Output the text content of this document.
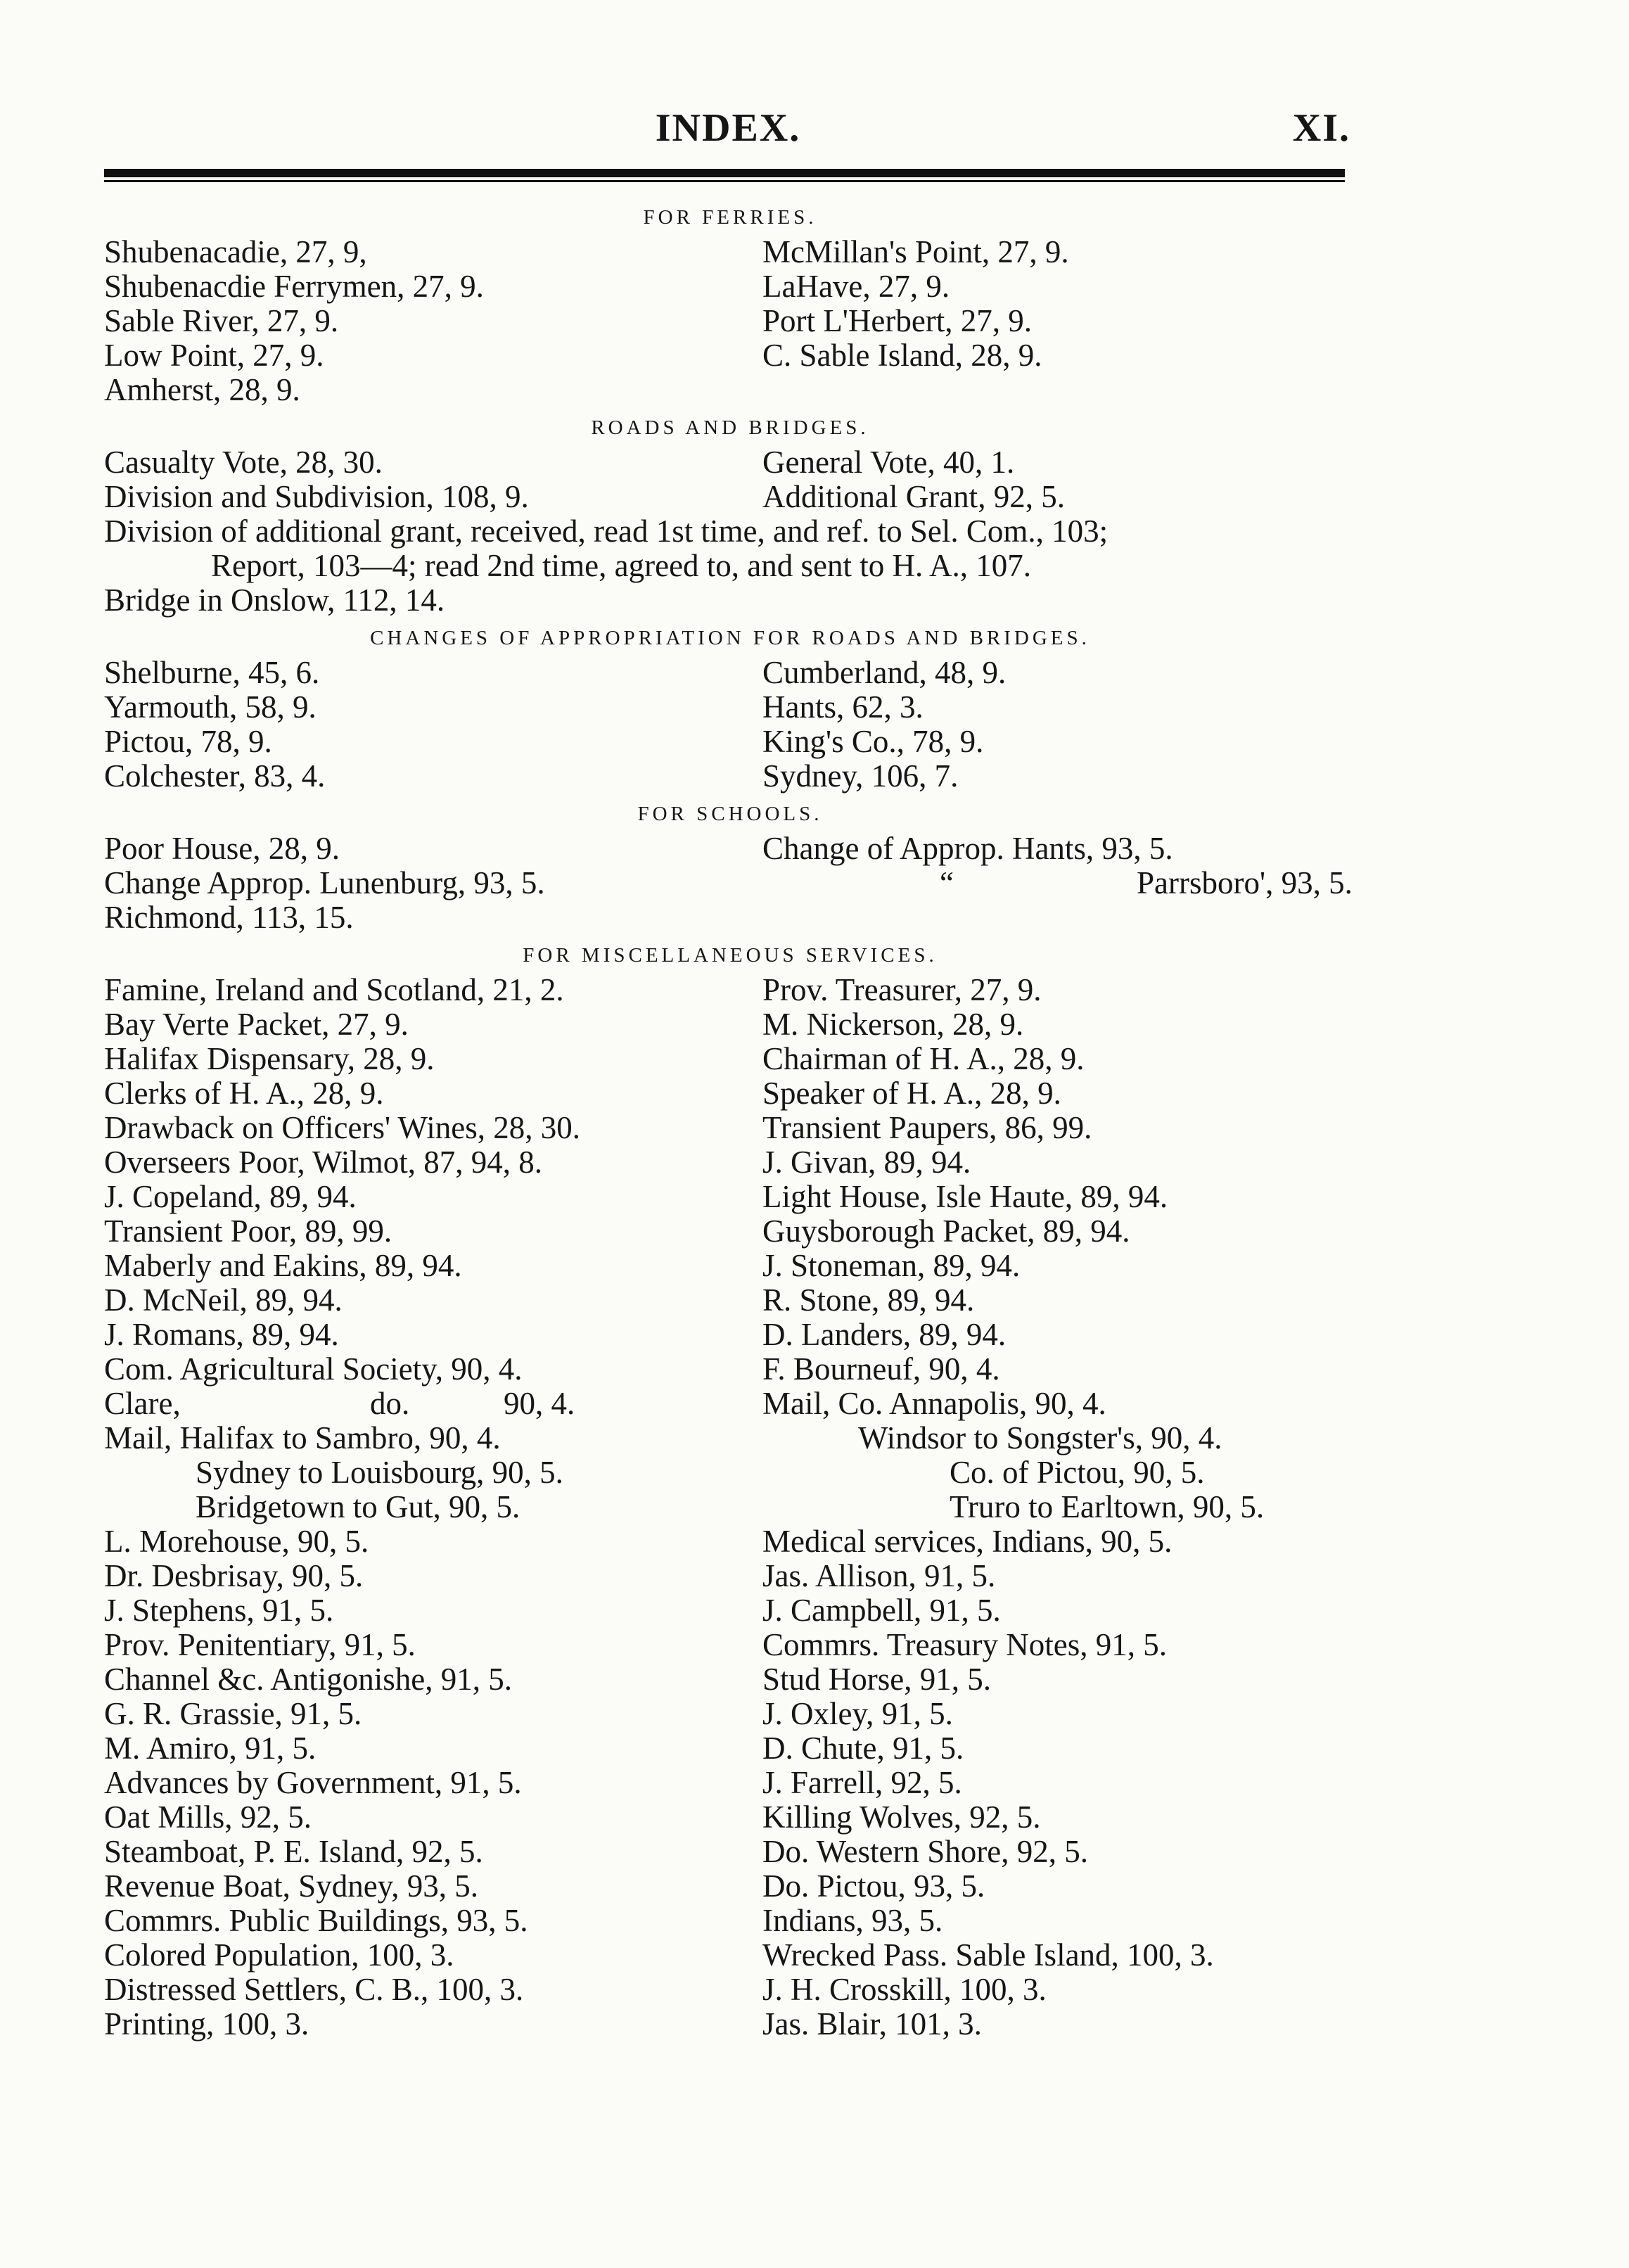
INDEX.	XI.
FOR FERRIES.
Shubenacadie, 27, 9,	McMillan's Point, 27, 9.
Shubenacdie Ferrymen, 27, 9.	LaHave, 27, 9.
Sable River, 27, 9.	Port L'Herbert, 27, 9.
Low Point, 27, 9.	C. Sable Island, 28, 9.
Amherst, 28, 9.
ROADS AND BRIDGES.
Casualty Vote, 28, 30.	General Vote, 40, 1.
Division and Subdivision, 108, 9.	Additional Grant, 92, 5.
Division of additional grant, received, read 1st time, and ref. to Sel. Com., 103;
Report, 103—4; read 2nd time, agreed to, and sent to H. A., 107.
Bridge in Onslow, 112, 14.
CHANGES OF APPROPRIATION FOR ROADS AND BRIDGES.
Shelburne, 45, 6.	Cumberland, 48, 9.
Yarmouth, 58, 9.	Hants, 62, 3.
Pictou, 78, 9.	King's Co., 78, 9.
Colchester, 83, 4.	Sydney, 106, 7.
FOR SCHOOLS.
Poor House, 28, 9.	Change of Approp. Hants, 93, 5.
Change Approp. Lunenburg, 93, 5.	“	Parrsboro', 93, 5.
Richmond, 113, 15.
FOR MISCELLANEOUS SERVICES.
Famine, Ireland and Scotland, 21, 2.	Prov. Treasurer, 27, 9.
Bay Verte Packet, 27, 9.	M. Nickerson, 28, 9.
Halifax Dispensary, 28, 9.	Chairman of H. A., 28, 9.
Clerks of H. A., 28, 9.	Speaker of H. A., 28, 9.
Drawback on Officers' Wines, 28, 30.	Transient Paupers, 86, 99.
Overseers Poor, Wilmot, 87, 94, 8.	J. Givan, 89, 94.
J. Copeland, 89, 94.	Light House, Isle Haute, 89, 94.
Transient Poor, 89, 99.	Guysborough Packet, 89, 94.
Maberly and Eakins, 89, 94.	J. Stoneman, 89, 94.
D. McNeil, 89, 94.	R. Stone, 89, 94.
J. Romans, 89, 94.	D. Landers, 89, 94.
Com. Agricultural Society, 90, 4.	F. Bourneuf, 90, 4.
Clare,	do.	90, 4.	Mail, Co. Annapolis, 90, 4.
Mail, Halifax to Sambro, 90, 4.	Windsor to Songster's, 90, 4.
Sydney to Louisbourg, 90, 5.	Co. of Pictou, 90, 5.
Bridgetown to Gut, 90, 5.	Truro to Earltown, 90, 5.
L. Morehouse, 90, 5.	Medical services, Indians, 90, 5.
Dr. Desbrisay, 90, 5.	Jas. Allison, 91, 5.
J. Stephens, 91, 5.	J. Campbell, 91, 5.
Prov. Penitentiary, 91, 5.	Commrs. Treasury Notes, 91, 5.
Channel &c. Antigonishe, 91, 5.	Stud Horse, 91, 5.
G. R. Grassie, 91, 5.	J. Oxley, 91, 5.
M. Amiro, 91, 5.	D. Chute, 91, 5.
Advances by Government, 91, 5.	J. Farrell, 92, 5.
Oat Mills, 92, 5.	Killing Wolves, 92, 5.
Steamboat, P. E. Island, 92, 5.	Do. Western Shore, 92, 5.
Revenue Boat, Sydney, 93, 5.	Do. Pictou, 93, 5.
Commrs. Public Buildings, 93, 5.	Indians, 93, 5.
Colored Population, 100, 3.	Wrecked Pass. Sable Island, 100, 3.
Distressed Settlers, C. B., 100, 3.	J. H. Crosskill, 100, 3.
Printing, 100, 3.	Jas. Blair, 101, 3.
